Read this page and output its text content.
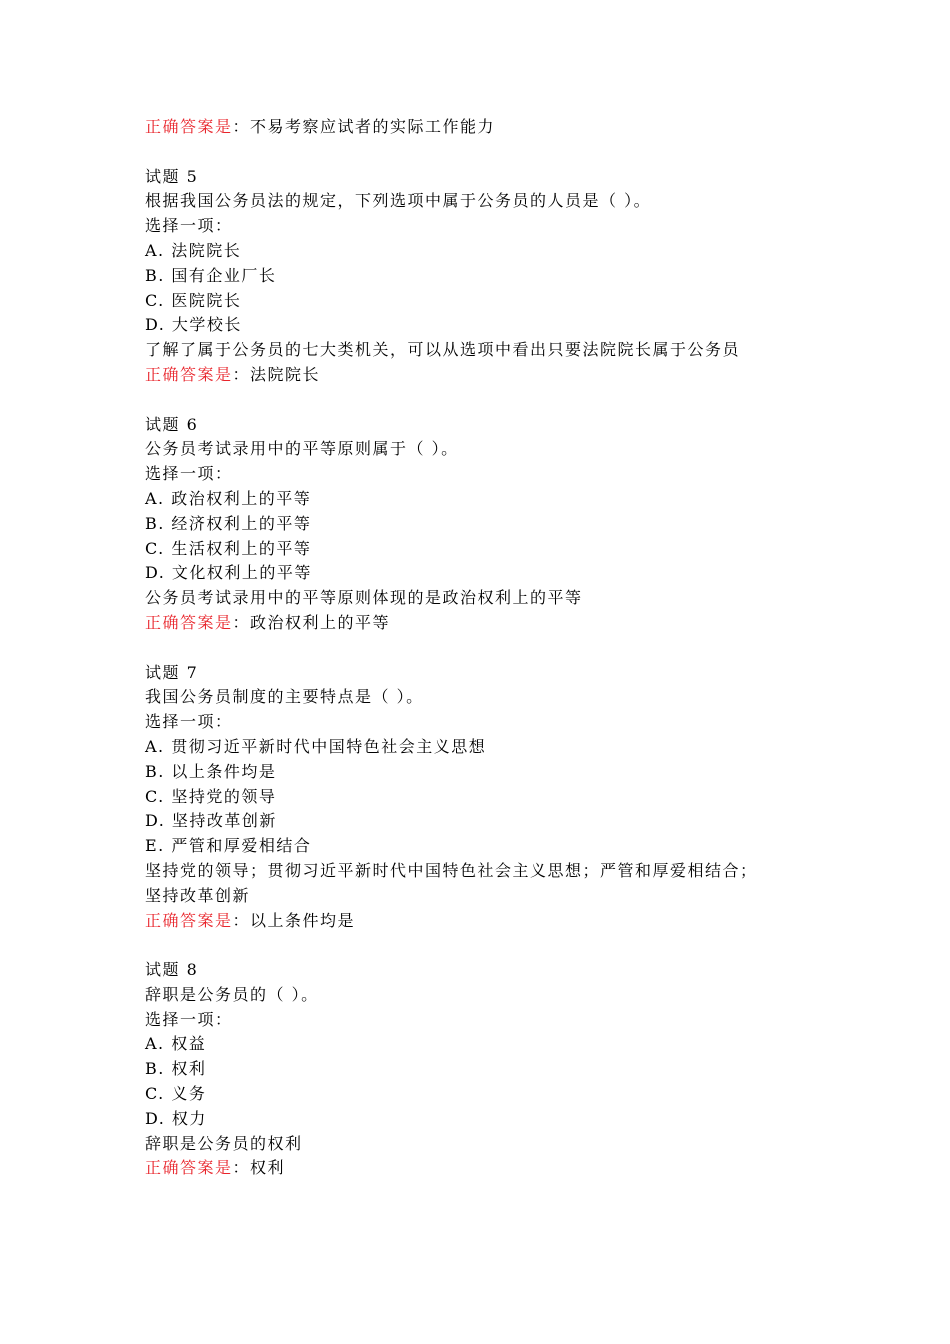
正确答案是：不易考察应试者的实际工作能力
试题 5
根据我国公务员法的规定，下列选项中属于公务员的人员是（ ）。
选择一项：
A. 法院院长
B. 国有企业厂长
C. 医院院长
D. 大学校长
了解了属于公务员的七大类机关，可以从选项中看出只要法院院长属于公务员
正确答案是：法院院长
试题 6
公务员考试录用中的平等原则属于（ ）。
选择一项：
A. 政治权利上的平等
B. 经济权利上的平等
C. 生活权利上的平等
D. 文化权利上的平等
公务员考试录用中的平等原则体现的是政治权利上的平等
正确答案是：政治权利上的平等
试题 7
我国公务员制度的主要特点是（ ）。
选择一项：
A. 贯彻习近平新时代中国特色社会主义思想
B. 以上条件均是
C. 坚持党的领导
D. 坚持改革创新
E. 严管和厚爱相结合
坚持党的领导；贯彻习近平新时代中国特色社会主义思想；严管和厚爱相结合；
坚持改革创新
正确答案是：以上条件均是
试题 8
辞职是公务员的（ ）。
选择一项：
A. 权益
B. 权利
C. 义务
D. 权力
辞职是公务员的权利
正确答案是：权利
